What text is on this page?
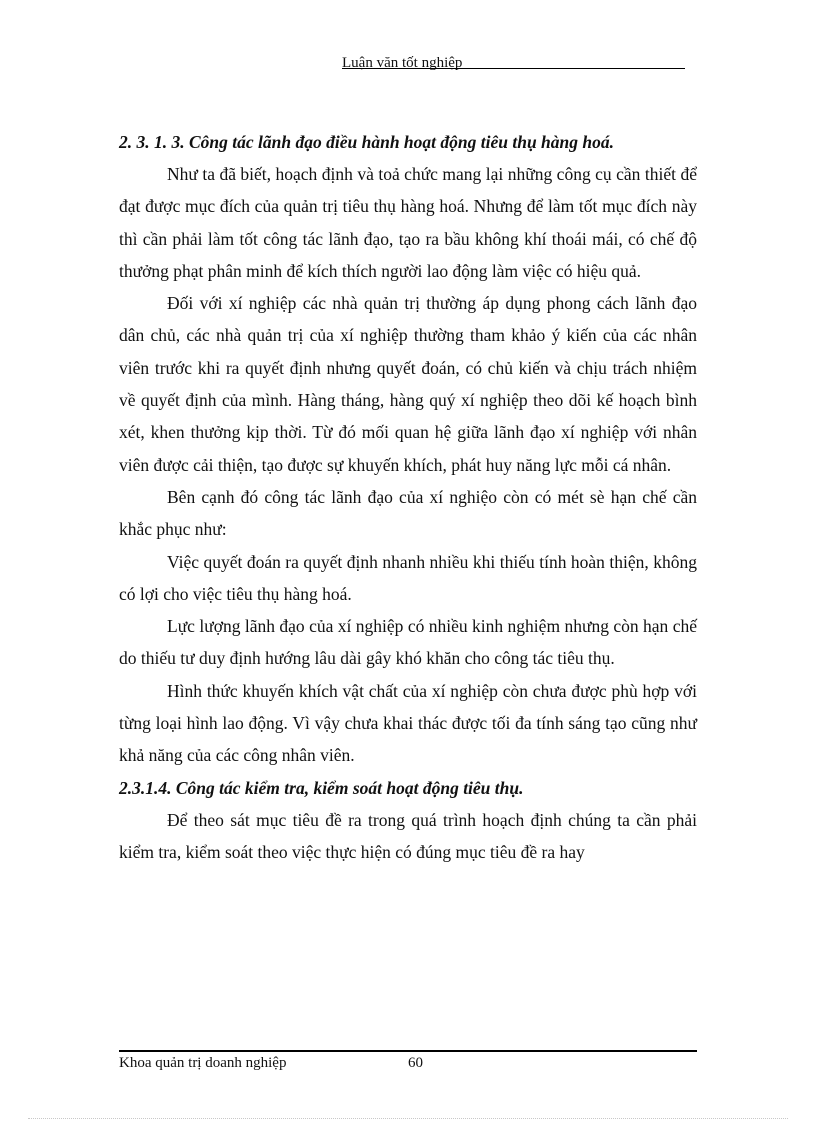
Luận văn tốt nghiệp

2. 3. 1. 3. Công tác lãnh đạo điều hành hoạt động tiêu thụ hàng hoá.

Như ta đã biết, hoạch định và toả chức mang lại những công cụ cần thiết để đạt được mục đích của quản trị tiêu thụ hàng hoá. Nhưng để làm tốt mục đích này thì cần phải làm tốt công tác lãnh đạo, tạo ra bầu không khí thoái mái, có chế độ thưởng phạt phân minh để kích thích người lao động làm việc có hiệu quả.

Đối với xí nghiệp các nhà quản trị thường áp dụng phong cách lãnh đạo dân chủ, các nhà quản trị của xí nghiệp thường tham khảo ý kiến của các nhân viên trước khi ra quyết định nhưng quyết đoán, có chủ kiến và chịu trách nhiệm về quyết định của mình. Hàng tháng, hàng quý xí nghiệp theo dõi kế hoạch bình xét, khen thưởng kịp thời. Từ đó mối quan hệ giữa lãnh đạo xí nghiệp với nhân viên được cải thiện, tạo được sự khuyến khích, phát huy năng lực mỗi cá nhân.

Bên cạnh đó công tác lãnh đạo của xí nghiệo còn có mét sè hạn chế cần khắc phục như:

Việc quyết đoán ra quyết định nhanh nhiều khi thiếu tính hoàn thiện, không có lợi cho việc tiêu thụ hàng hoá.

Lực lượng lãnh đạo của xí nghiệp có nhiều kinh nghiệm nhưng còn hạn chế do thiếu tư duy định hướng lâu dài gây khó khăn cho công tác tiêu thụ.

Hình thức khuyến khích vật chất của xí nghiệp còn chưa được phù hợp với từng loại hình lao động. Vì vậy chưa khai thác được tối đa tính sáng tạo cũng như khả năng của các công nhân viên.

2.3.1.4. Công tác kiểm tra, kiểm soát hoạt động tiêu thụ.

Để theo sát mục tiêu đề ra trong quá trình hoạch định chúng ta cần phải kiểm tra, kiểm soát theo việc thực hiện có đúng mục tiêu đề ra hay

Khoa quản trị doanh nghiệp	60
